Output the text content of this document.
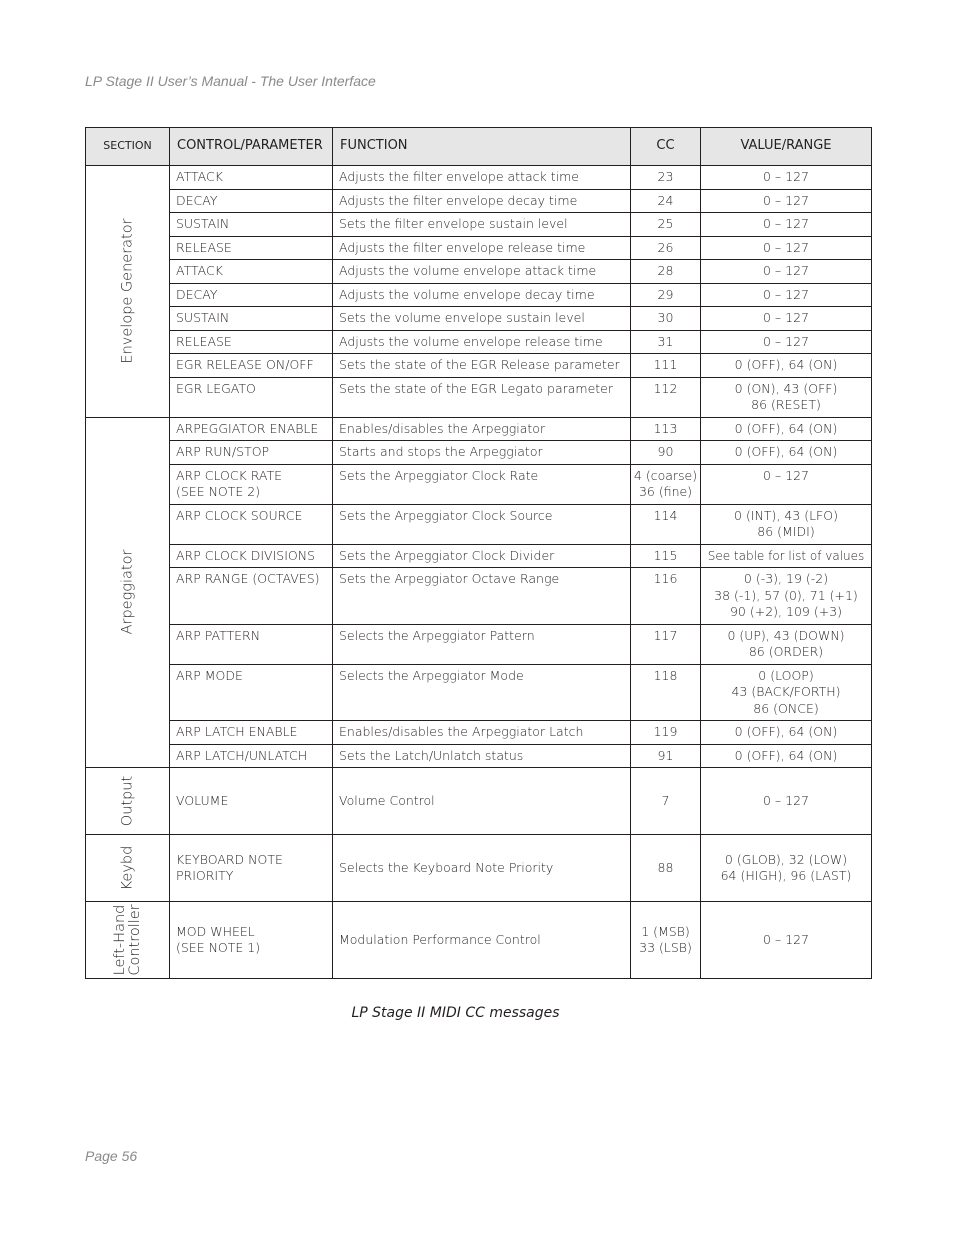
LP Stage II User’s Manual - The User Interface
SECTION	CONTROL/PARAMETER	FUNCTION	CC	VALUE/RANGE

Envelope Generator	ATTACK	Adjusts the filter envelope attack time	23	0 – 127
	DECAY	Adjusts the filter envelope decay time	24	0 – 127
	SUSTAIN	Sets the filter envelope sustain level	25	0 – 127
	RELEASE	Adjusts the filter envelope release time	26	0 – 127
	ATTACK	Adjusts the volume envelope attack time	28	0 – 127
	DECAY	Adjusts the volume envelope decay time	29	0 – 127
	SUSTAIN	Sets the volume envelope sustain level	30	0 – 127
	RELEASE	Adjusts the volume envelope release time	31	0 – 127
	EGR RELEASE ON/OFF	Sets the state of the EGR Release parameter	111	0 (OFF), 64 (ON)
	EGR LEGATO	Sets the state of the EGR Legato parameter	112	0 (ON), 43 (OFF)
86 (RESET)

Arpeggiator	ARPEGGIATOR ENABLE	Enables/disables the Arpeggiator	113	0 (OFF), 64 (ON)
	ARP RUN/STOP	Starts and stops the Arpeggiator	90	0 (OFF), 64 (ON)

	ARP CLOCK RATE
(SEE NOTE 2)	Sets the Arpeggiator Clock Rate	4 (coarse)
36 (fine)	0 – 127
	ARP CLOCK SOURCE	Sets the Arpeggiator Clock Source	114	0 (INT), 43 (LFO)
86 (MIDI)

	ARP CLOCK DIVISIONS	Sets the Arpeggiator Clock Divider	115	See table for list of values
	ARP RANGE (OCTAVES)	Sets the Arpeggiator Octave Range	116	0 (-3), 19 (-2)
38 (-1), 57 (0), 71 (+1)
90 (+2), 109 (+3)

	ARP PATTERN	Selects the Arpeggiator Pattern	117	0 (UP), 43 (DOWN)
86 (ORDER)

	ARP MODE	Selects the Arpeggiator Mode	118	0 (LOOP)
43 (BACK/FORTH)
86 (ONCE)

	ARP LATCH ENABLE	Enables/disables the Arpeggiator Latch	119	0 (OFF), 64 (ON)
	ARP LATCH/UNLATCH	Sets the Latch/Unlatch status	91	0 (OFF), 64 (ON)

Output	VOLUME	Volume Control	7	0 – 127

Keybd	KEYBOARD NOTE
PRIORITY	Selects the Keyboard Note Priority	88	0 (GLOB), 32 (LOW)
64 (HIGH), 96 (LAST)

Left-Hand Controller	MOD WHEEL
(SEE NOTE 1)	Modulation Performance Control	1 (MSB)
33 (LSB)	0 – 127
LP Stage II MIDI CC messages
Page 56
